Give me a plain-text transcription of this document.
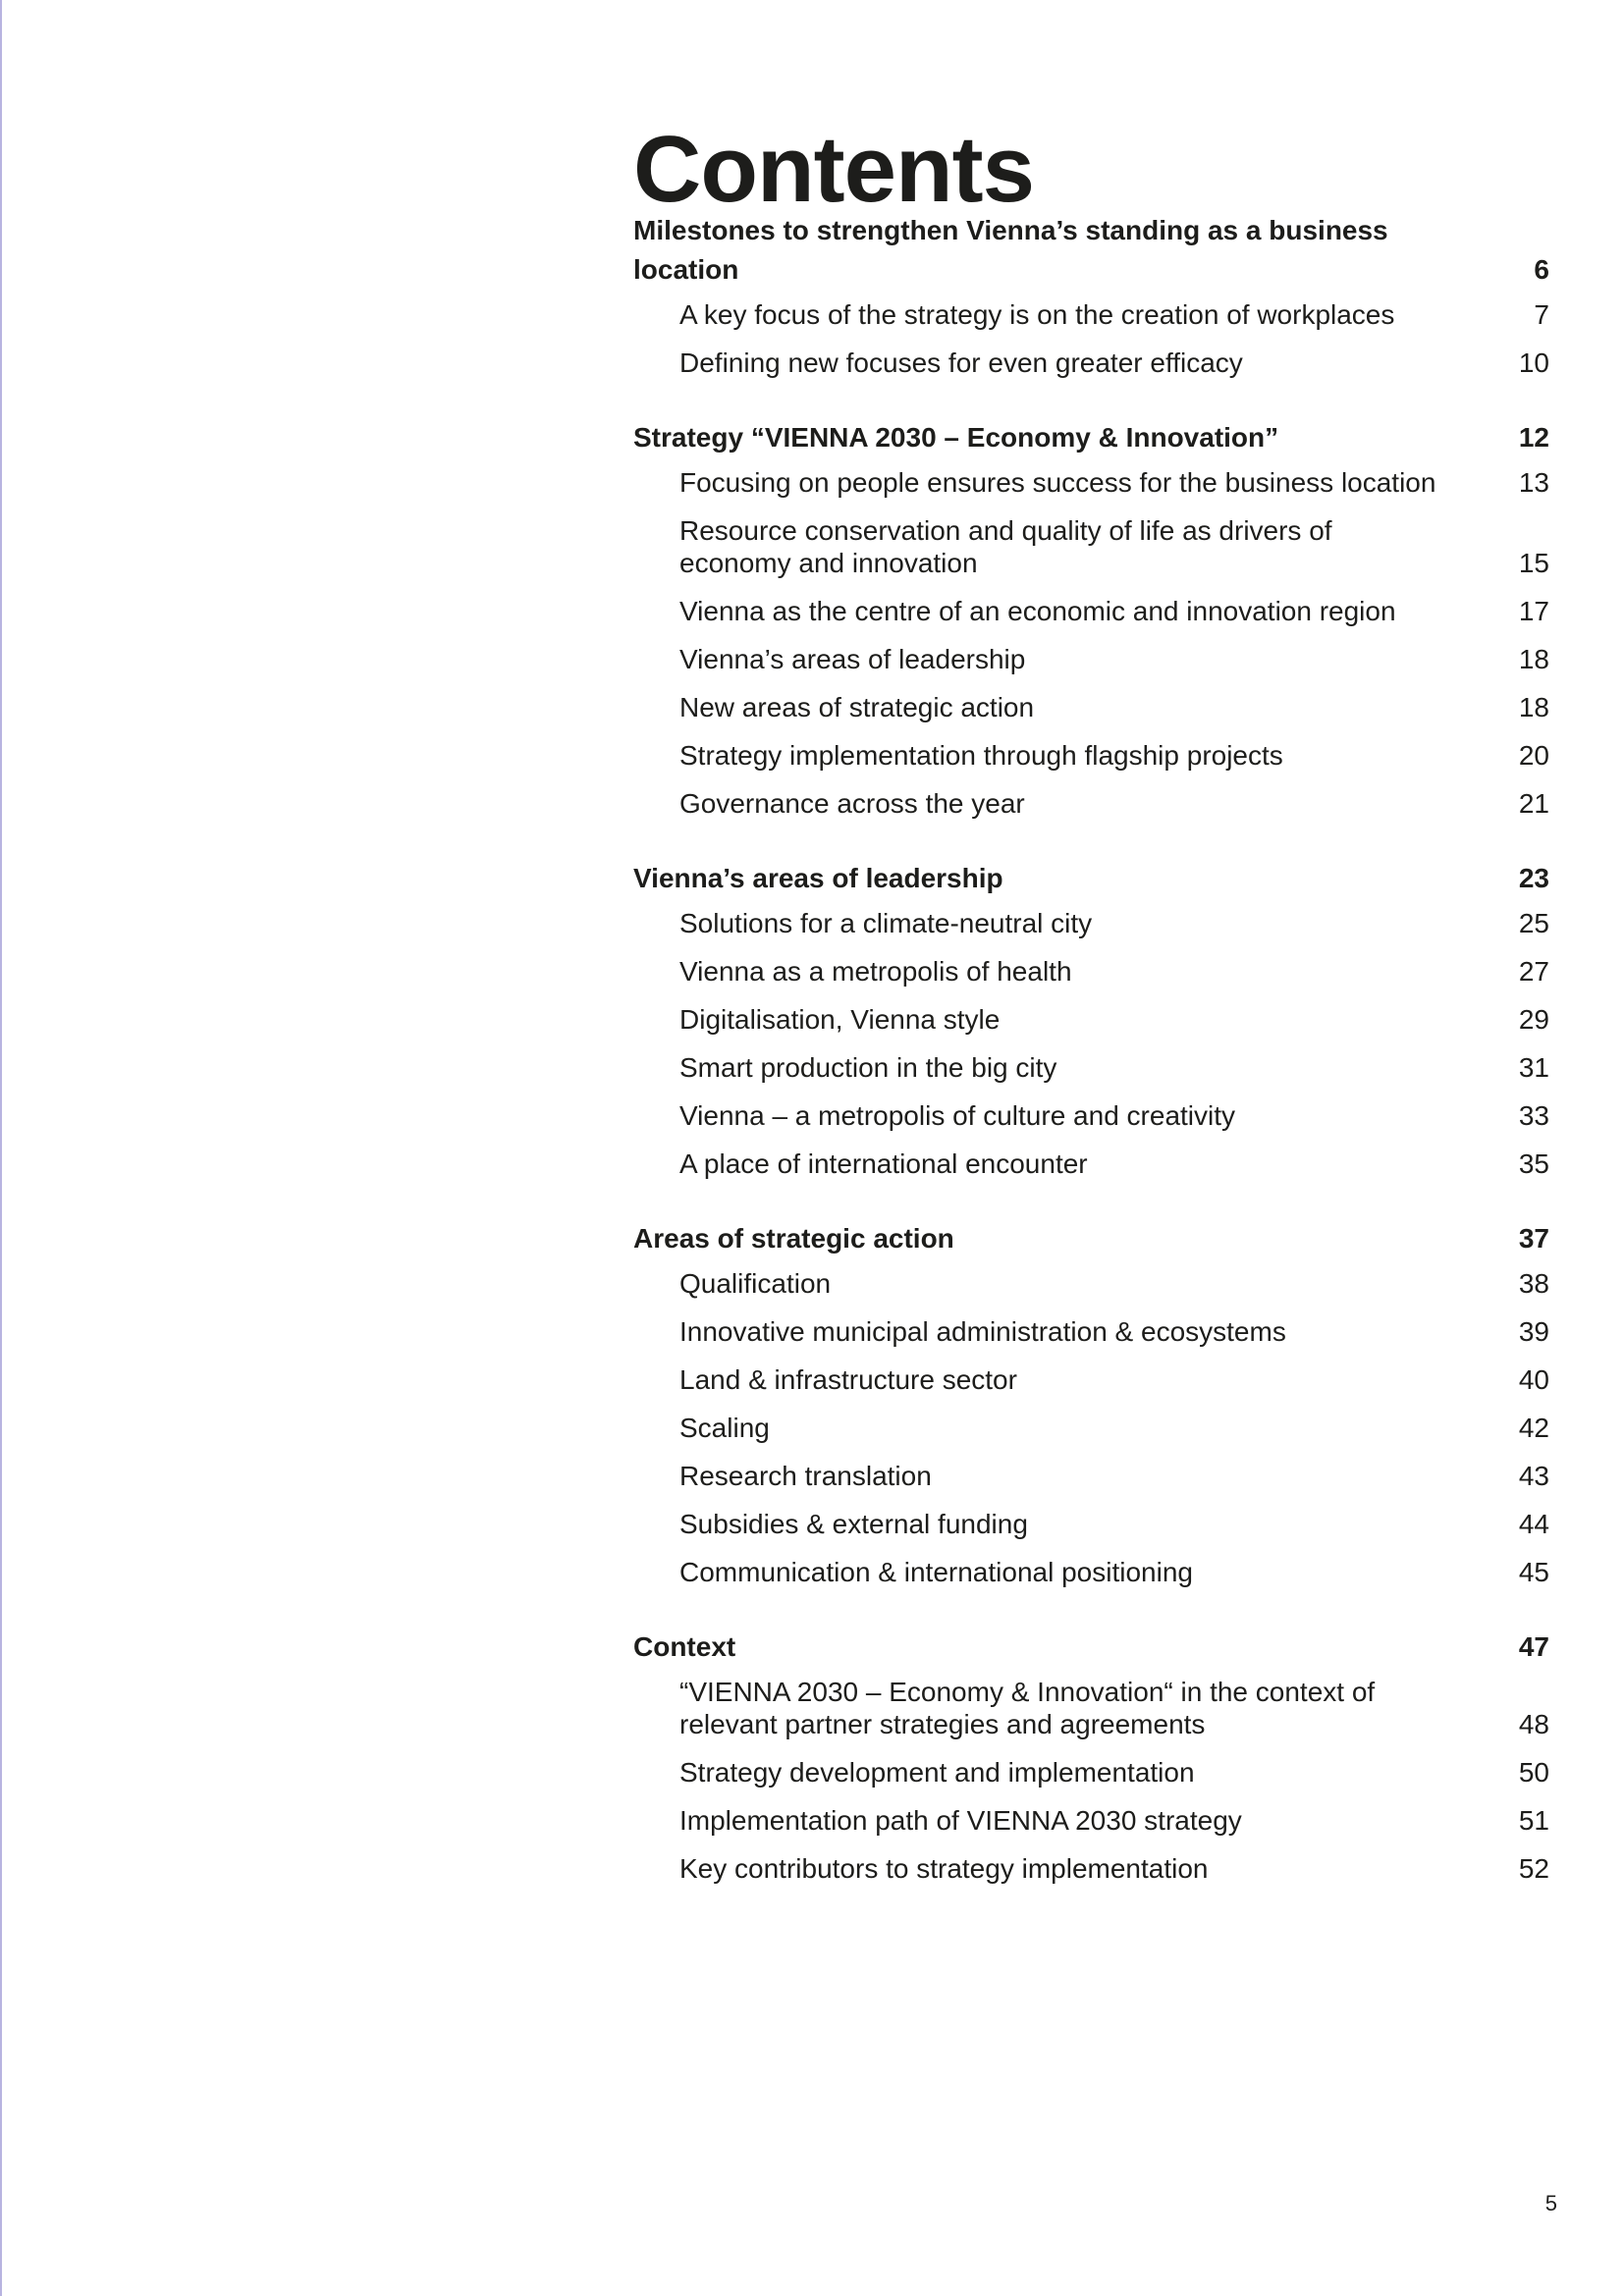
Contents
Milestones to strengthen Vienna’s standing as a business location	6
A key focus of the strategy is on the creation of workplaces	7
Defining new focuses for even greater efficacy	10
Strategy “VIENNA 2030 – Economy & Innovation”	12
Focusing on people ensures success for the business location	13
Resource conservation and quality of life as drivers of economy and innovation	15
Vienna as the centre of an economic and innovation region	17
Vienna’s areas of leadership	18
New areas of strategic action	18
Strategy implementation through flagship projects	20
Governance across the year	21
Vienna’s areas of leadership	23
Solutions for a climate-neutral city	25
Vienna as a metropolis of health	27
Digitalisation, Vienna style	29
Smart production in the big city	31
Vienna – a metropolis of culture and creativity	33
A place of international encounter	35
Areas of strategic action	37
Qualification	38
Innovative municipal administration & ecosystems	39
Land & infrastructure sector	40
Scaling	42
Research translation	43
Subsidies & external funding	44
Communication & international positioning	45
Context	47
“VIENNA 2030 – Economy & Innovation“ in the context of relevant partner strategies and agreements	48
Strategy development and implementation	50
Implementation path of VIENNA 2030 strategy	51
Key contributors to strategy implementation	52
5
